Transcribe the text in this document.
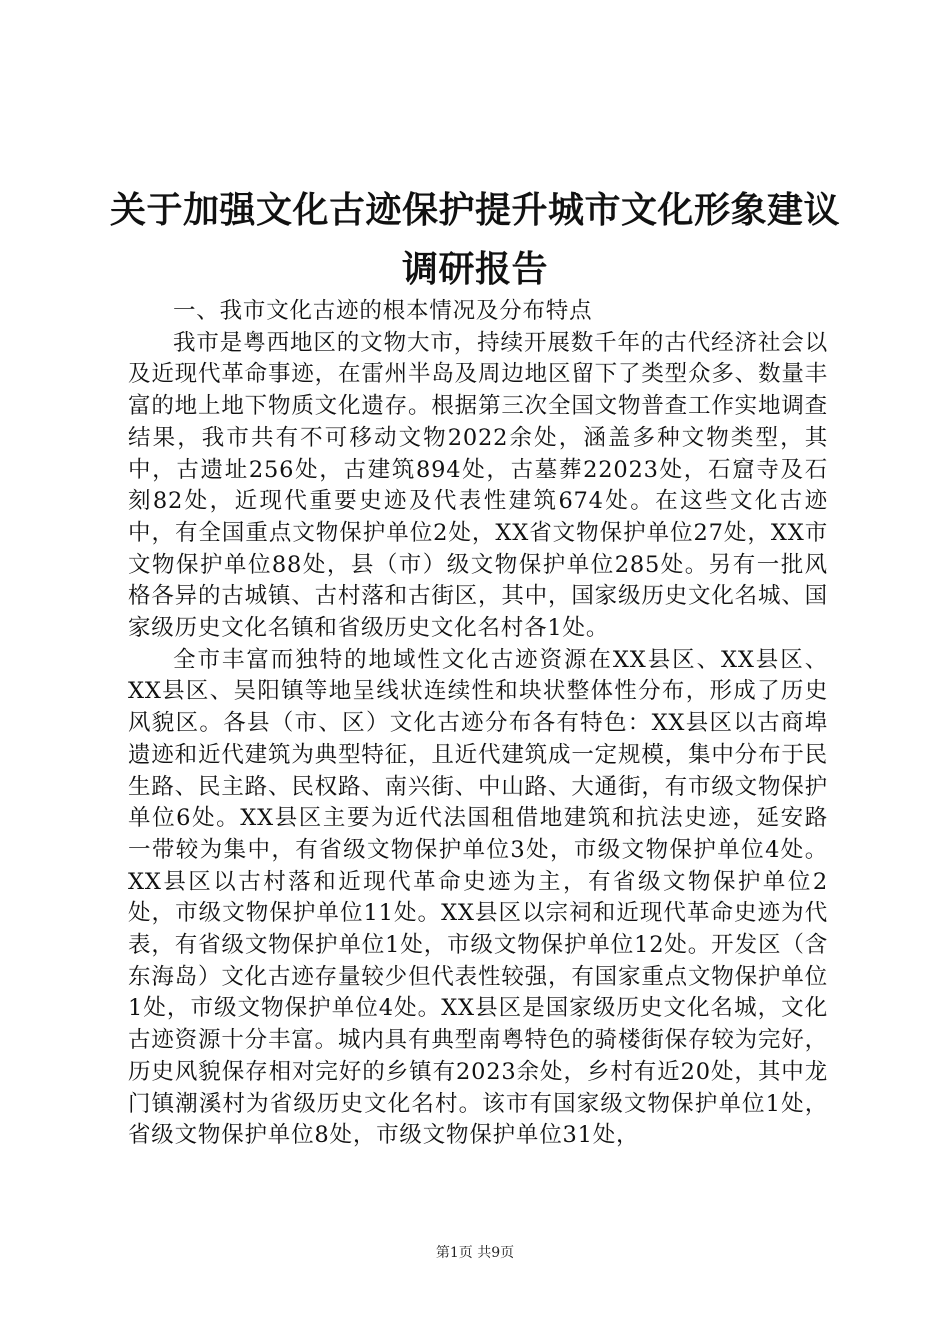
关于加强文化古迹保护提升城市文化形象建议
调研报告

一、我市文化古迹的根本情况及分布特点

我市是粤西地区的文物大市，持续开展数千年的古代经济社会以及近现代革命事迹，在雷州半岛及周边地区留下了类型众多、数量丰富的地上地下物质文化遗存。根据第三次全国文物普查工作实地调查结果，我市共有不可移动文物2022余处，涵盖多种文物类型，其中，古遗址256处，古建筑894处，古墓葬22023处，石窟寺及石刻82处，近现代重要史迹及代表性建筑674处。在这些文化古迹中，有全国重点文物保护单位2处，XX省文物保护单位27处，XX市文物保护单位88处，县（市）级文物保护单位285处。另有一批风格各异的古城镇、古村落和古街区，其中，国家级历史文化名城、国家级历史文化名镇和省级历史文化名村各1处。

全市丰富而独特的地域性文化古迹资源在XX县区、XX县区、XX县区、吴阳镇等地呈线状连续性和块状整体性分布，形成了历史风貌区。各县（市、区）文化古迹分布各有特色：XX县区以古商埠遗迹和近代建筑为典型特征，且近代建筑成一定规模，集中分布于民生路、民主路、民权路、南兴街、中山路、大通街，有市级文物保护单位6处。XX县区主要为近代法国租借地建筑和抗法史迹，延安路一带较为集中，有省级文物保护单位3处，市级文物保护单位4处。XX县区以古村落和近现代革命史迹为主，有省级文物保护单位2处，市级文物保护单位11处。XX县区以宗祠和近现代革命史迹为代表，有省级文物保护单位1处，市级文物保护单位12处。开发区（含东海岛）文化古迹存量较少但代表性较强，有国家重点文物保护单位1处，市级文物保护单位4处。XX县区是国家级历史文化名城，文化古迹资源十分丰富。城内具有典型南粤特色的骑楼街保存较为完好，历史风貌保存相对完好的乡镇有2023余处，乡村有近20处，其中龙门镇潮溪村为省级历史文化名村。该市有国家级文物保护单位1处，省级文物保护单位8处，市级文物保护单位31处，

第1页 共9页
